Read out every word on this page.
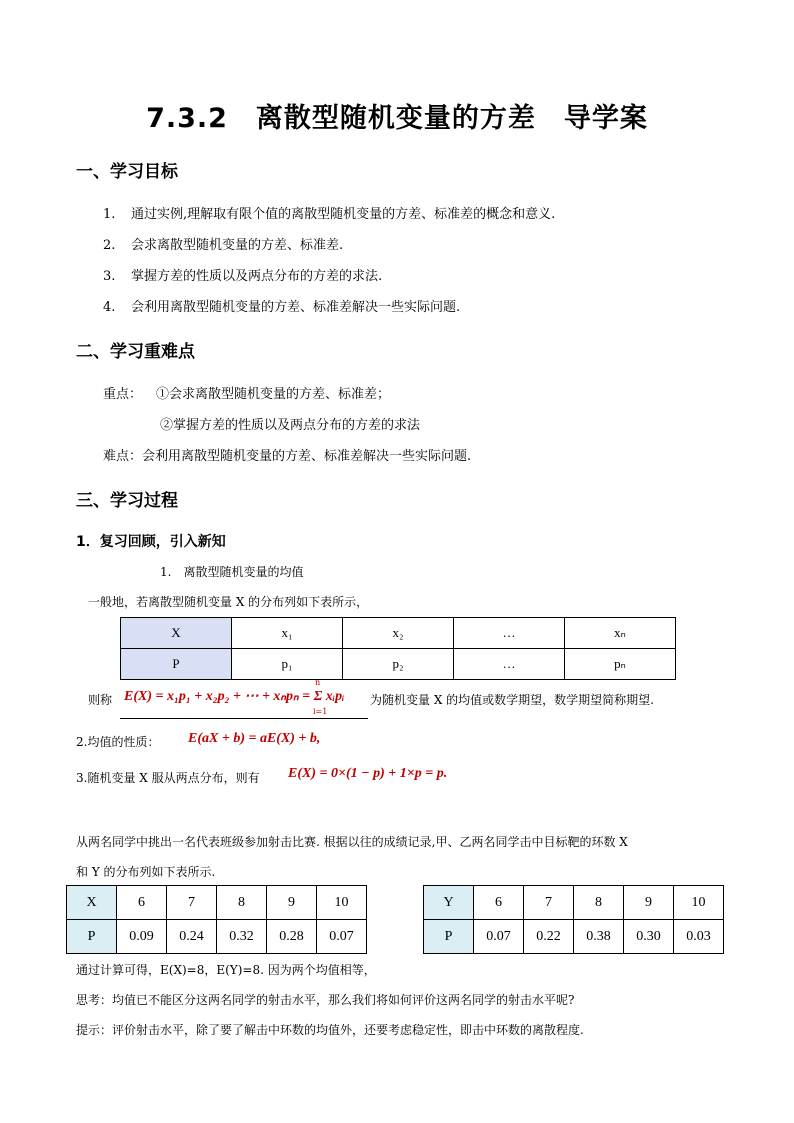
7.3.2　离散型随机变量的方差　导学案
一、学习目标
1. 通过实例,理解取有限个值的离散型随机变量的方差、标准差的概念和意义.
2. 会求离散型随机变量的方差、标准差.
3. 掌握方差的性质以及两点分布的方差的求法.
4. 会利用离散型随机变量的方差、标准差解决一些实际问题.
二、学习重难点
重点： ①会求离散型随机变量的方差、标准差；
②掌握方差的性质以及两点分布的方差的求法
难点：会利用离散型随机变量的方差、标准差解决一些实际问题.
三、学习过程
1．复习回顾，引入新知
1.　离散型随机变量的均值
一般地，若离散型随机变量 X 的分布列如下表所示，
X	x₁	x₂	…	xₙ
P	p₁	p₂	…	pₙ
则称 E(X) = x₁p₁ + x₂p₂ + ⋯ + xₙpₙ = Σ xᵢpᵢ
n
i=1
为随机变量 X 的均值或数学期望，数学期望简称期望.
2.均值的性质： E(aX + b) = aE(X) + b,
3.随机变量 X 服从两点分布，则有 E(X) = 0×(1 − p) + 1×p = p.
从两名同学中挑出一名代表班级参加射击比赛. 根据以往的成绩记录,甲、乙两名同学击中目标靶的环数 X
和 Y 的分布列如下表所示.
X	6	7	8	9	10
P	0.09	0.24	0.32	0.28	0.07
Y	6	7	8	9	10
P	0.07	0.22	0.38	0.30	0.03
通过计算可得，E(X)=8，E(Y)=8. 因为两个均值相等，
思考：均值已不能区分这两名同学的射击水平，那么我们将如何评价这两名同学的射击水平呢?
提示：评价射击水平，除了要了解击中环数的均值外，还要考虑稳定性，即击中环数的离散程度.
